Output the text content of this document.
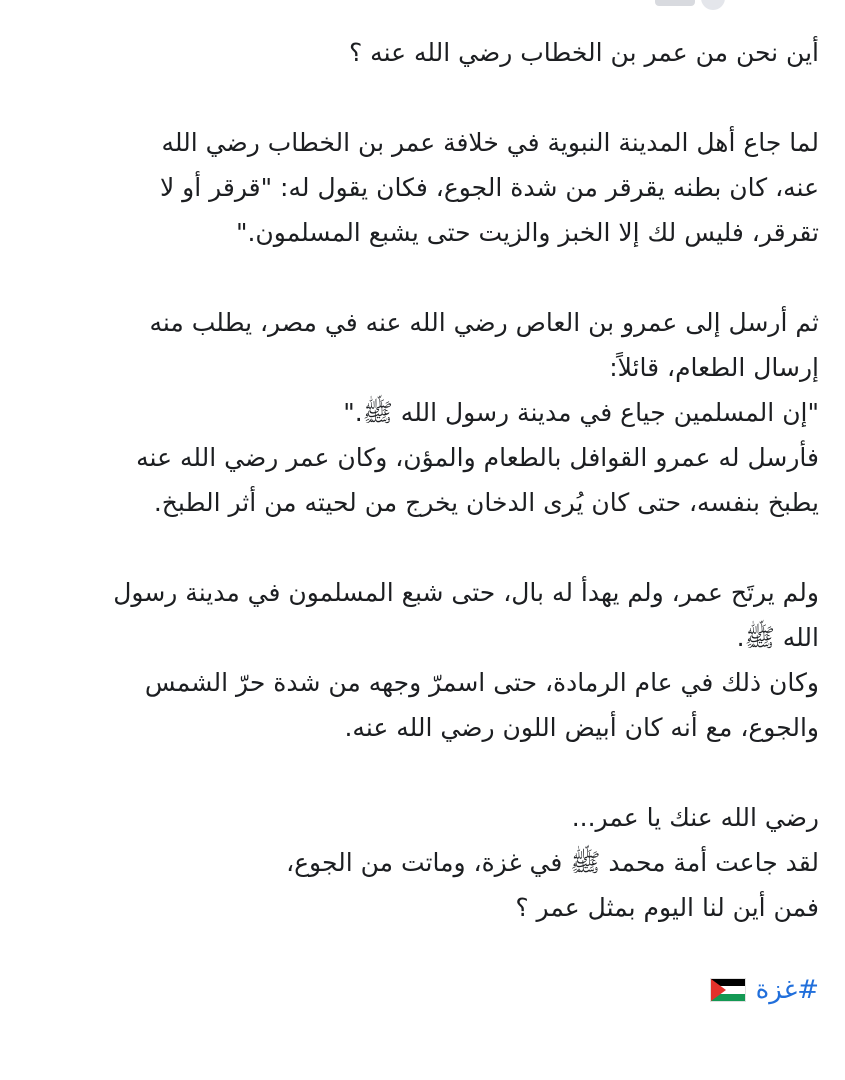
أين نحن من عمر بن الخطاب رضي الله عنه ؟
لما جاع أهل المدينة النبوية في خلافة عمر بن الخطاب رضي الله
عنه، كان بطنه يقرقر من شدة الجوع، فكان يقول له: "قرقر أو لا
تقرقر، فليس لك إلا الخبز والزيت حتى يشبع المسلمون."
ثم أرسل إلى عمرو بن العاص رضي الله عنه في مصر، يطلب منه
إرسال الطعام، قائلاً:
"إن المسلمين جياع في مدينة رسول الله ﷺ."
فأرسل له عمرو القوافل بالطعام والمؤن، وكان عمر رضي الله عنه
يطبخ بنفسه، حتى كان يُرى الدخان يخرج من لحيته من أثر الطبخ.
ولم يرتَح عمر، ولم يهدأ له بال، حتى شبع المسلمون في مدينة رسول
الله ﷺ.
وكان ذلك في عام الرمادة، حتى اسمرّ وجهه من شدة حرّ الشمس
والجوع، مع أنه كان أبيض اللون رضي الله عنه.
رضي الله عنك يا عمر...
لقد جاعت أمة محمد ﷺ في غزة، وماتت من الجوع،
فمن أين لنا اليوم بمثل عمر ؟
#غزة
